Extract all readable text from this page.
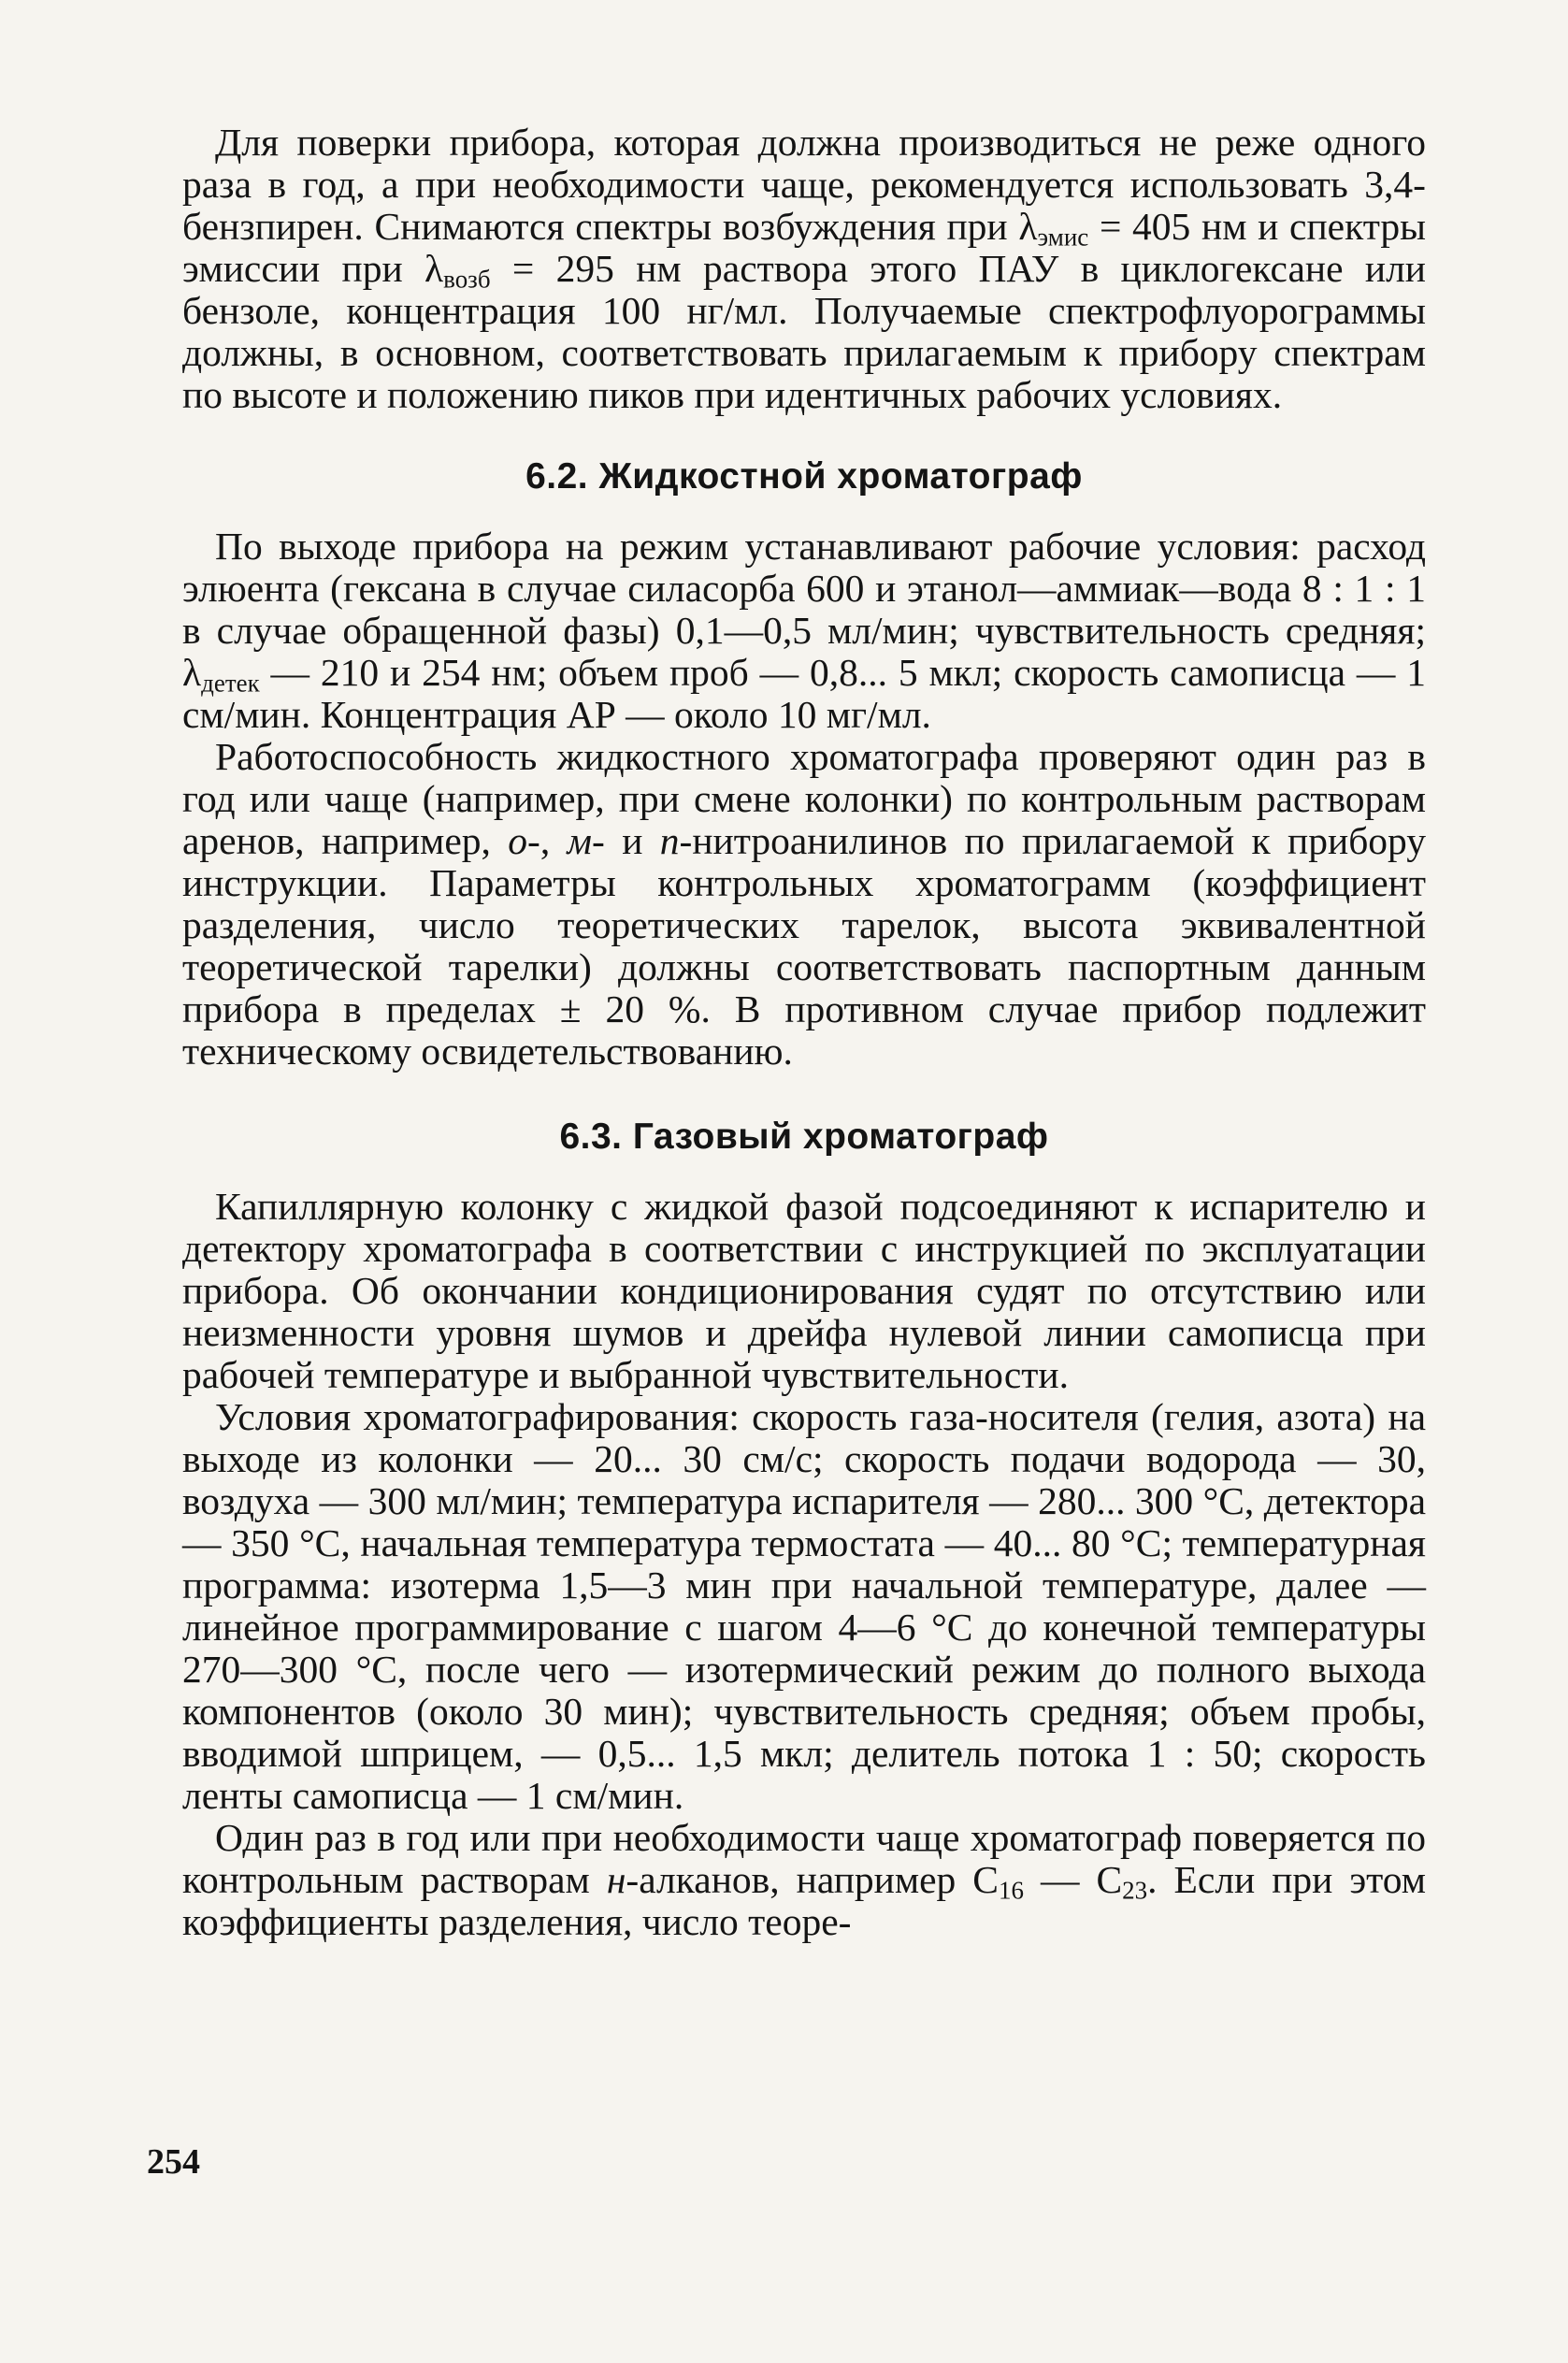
Для поверки прибора, которая должна производиться не реже одного раза в год, а при необходимости чаще, рекомендуется использовать 3,4-бензпирен. Снимаются спектры возбуждения при $\lambda_{эмис} = 405$ нм и спектры эмиссии при $\lambda_{возб} = 295$ нм раствора этого ПАУ в циклогексане или бензоле, концентрация 100 нг/мл. Получаемые спектрофлуорограммы должны, в основном, соответствовать прилагаемым к прибору спектрам по высоте и положению пиков при идентичных рабочих условиях.

6.2. Жидкостной хроматограф

По выходе прибора на режим устанавливают рабочие условия: расход элюента (гексана в случае силасорба 600 и этанол—аммиак—вода 8 : 1 : 1 в случае обращенной фазы) 0,1—0,5 мл/мин; чувствительность средняя; $\lambda_{детек}$ — 210 и 254 нм; объем проб — 0,8... 5 мкл; скорость самописца — 1 см/мин. Концентрация АР — около 10 мг/мл.

Работоспособность жидкостного хроматографа проверяют один раз в год или чаще (например, при смене колонки) по контрольным растворам аренов, например, о-, м- и п-нитроанилинов по прилагаемой к прибору инструкции. Параметры контрольных хроматограмм (коэффициент разделения, число теоретических тарелок, высота эквивалентной теоретической тарелки) должны соответствовать паспортным данным прибора в пределах ± 20 %. В противном случае прибор подлежит техническому освидетельствованию.

6.3. Газовый хроматограф

Капиллярную колонку с жидкой фазой подсоединяют к испарителю и детектору хроматографа в соответствии с инструкцией по эксплуатации прибора. Об окончании кондиционирования судят по отсутствию или неизменности уровня шумов и дрейфа нулевой линии самописца при рабочей температуре и выбранной чувствительности.

Условия хроматографирования: скорость газа-носителя (гелия, азота) на выходе из колонки — 20... 30 см/с; скорость подачи водорода — 30, воздуха — 300 мл/мин; температура испарителя — 280... 300 °С, детектора — 350 °С, начальная температура термостата — 40... 80 °С; температурная программа: изотерма 1,5—3 мин при начальной температуре, далее — линейное программирование с шагом 4—6 °С до конечной температуры 270—300 °С, после чего — изотермический режим до полного выхода компонентов (около 30 мин); чувствительность средняя; объем пробы, вводимой шприцем, — 0,5... 1,5 мкл; делитель потока 1 : 50; скорость ленты самописца — 1 см/мин.

Один раз в год или при необходимости чаще хроматограф поверяется по контрольным растворам н-алканов, например $C_{16}$ — $C_{23}$. Если при этом коэффициенты разделения, число теоре-

254
